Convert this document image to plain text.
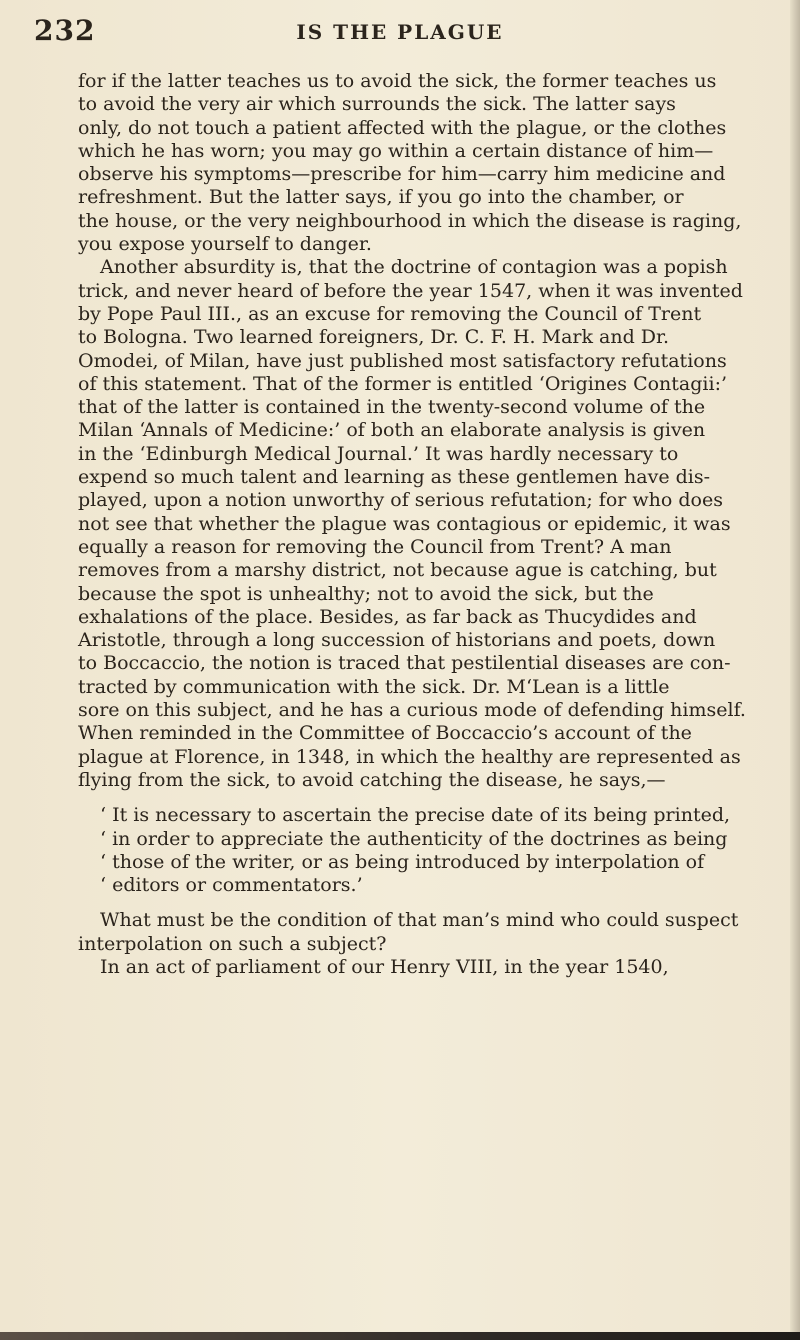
232	IS THE PLAGUE
for if the latter teaches us to avoid the sick, the former teaches us
to avoid the very air which surrounds the sick. The latter says
only, do not touch a patient affected with the plague, or the clothes
which he has worn; you may go within a certain distance of him—
observe his symptoms—prescribe for him—carry him medicine and
refreshment. But the latter says, if you go into the chamber, or
the house, or the very neighbourhood in which the disease is raging,
you expose yourself to danger.
Another absurdity is, that the doctrine of contagion was a popish
trick, and never heard of before the year 1547, when it was invented
by Pope Paul III., as an excuse for removing the Council of Trent
to Bologna. Two learned foreigners, Dr. C. F. H. Mark and Dr.
Omodei, of Milan, have just published most satisfactory refutations
of this statement. That of the former is entitled ‘Origines Contagii:’
that of the latter is contained in the twenty-second volume of the
Milan ‘Annals of Medicine:’ of both an elaborate analysis is given
in the ‘Edinburgh Medical Journal.’ It was hardly necessary to
expend so much talent and learning as these gentlemen have dis-
played, upon a notion unworthy of serious refutation; for who does
not see that whether the plague was contagious or epidemic, it was
equally a reason for removing the Council from Trent? A man
removes from a marshy district, not because ague is catching, but
because the spot is unhealthy; not to avoid the sick, but the
exhalations of the place. Besides, as far back as Thucydides and
Aristotle, through a long succession of historians and poets, down
to Boccaccio, the notion is traced that pestilential diseases are con-
tracted by communication with the sick. Dr. M‘Lean is a little
sore on this subject, and he has a curious mode of defending himself.
When reminded in the Committee of Boccaccio’s account of the
plague at Florence, in 1348, in which the healthy are represented as
flying from the sick, to avoid catching the disease, he says,—
‘ It is necessary to ascertain the precise date of its being printed,
‘ in order to appreciate the authenticity of the doctrines as being
‘ those of the writer, or as being introduced by interpolation of
‘ editors or commentators.’
What must be the condition of that man’s mind who could suspect
interpolation on such a subject?
In an act of parliament of our Henry VIII, in the year 1540,
